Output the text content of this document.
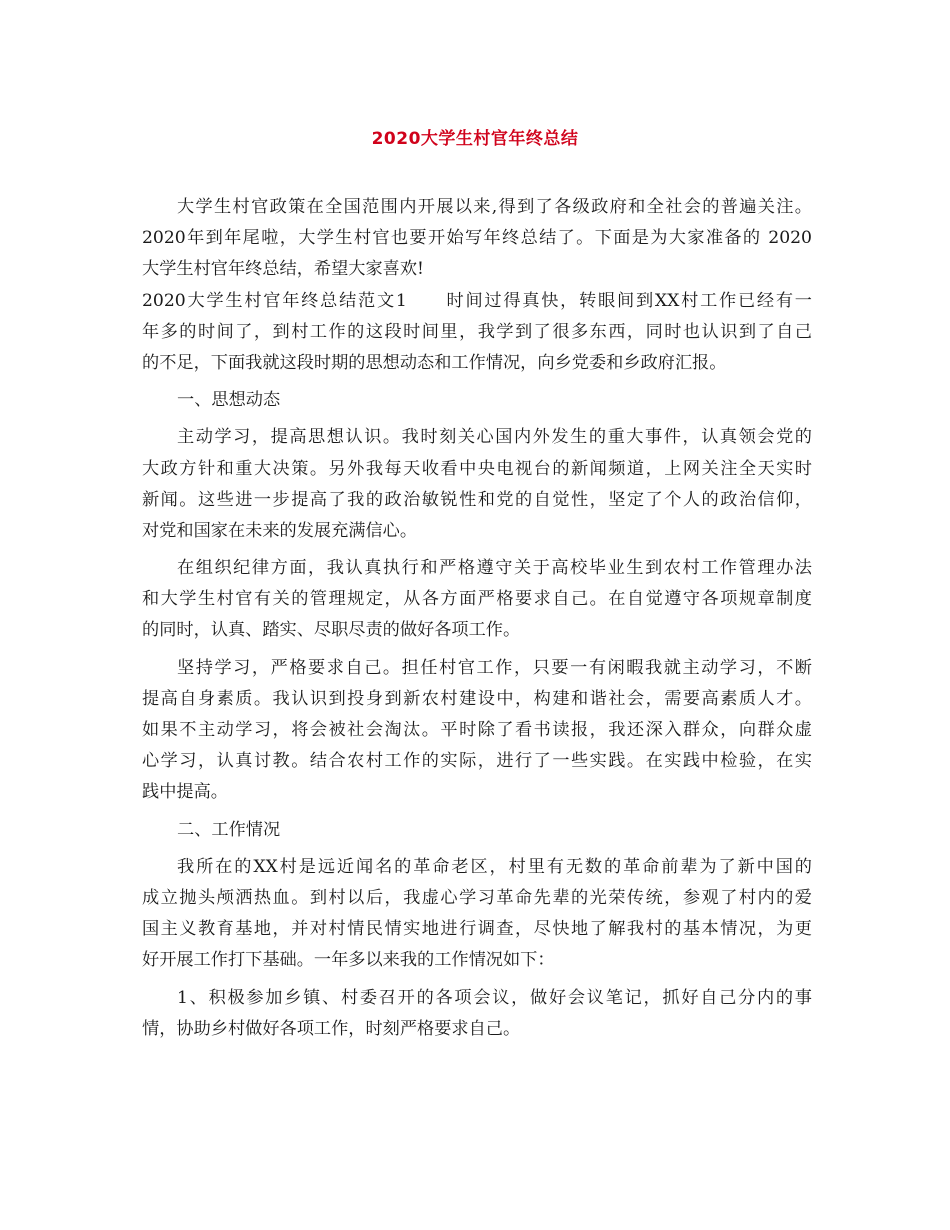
2020大学生村官年终总结
大学生村官政策在全国范围内开展以来,得到了各级政府和全社会的普遍关注。
2020年到年尾啦，大学生村官也要开始写年终总结了。下面是为大家准备的 2020
大学生村官年终总结，希望大家喜欢!
2020大学生村官年终总结范文1　　时间过得真快，转眼间到XX村工作已经有一
年多的时间了，到村工作的这段时间里，我学到了很多东西，同时也认识到了自己
的不足，下面我就这段时期的思想动态和工作情况，向乡党委和乡政府汇报。
一、思想动态
主动学习，提高思想认识。我时刻关心国内外发生的重大事件，认真领会党的
大政方针和重大决策。另外我每天收看中央电视台的新闻频道，上网关注全天实时
新闻。这些进一步提高了我的政治敏锐性和党的自觉性，坚定了个人的政治信仰，
对党和国家在未来的发展充满信心。
在组织纪律方面，我认真执行和严格遵守关于高校毕业生到农村工作管理办法
和大学生村官有关的管理规定，从各方面严格要求自己。在自觉遵守各项规章制度
的同时，认真、踏实、尽职尽责的做好各项工作。
坚持学习，严格要求自己。担任村官工作，只要一有闲暇我就主动学习，不断
提高自身素质。我认识到投身到新农村建设中，构建和谐社会，需要高素质人才。
如果不主动学习，将会被社会淘汰。平时除了看书读报，我还深入群众，向群众虚
心学习，认真讨教。结合农村工作的实际，进行了一些实践。在实践中检验，在实
践中提高。
二、工作情况
我所在的XX村是远近闻名的革命老区，村里有无数的革命前辈为了新中国的
成立抛头颅洒热血。到村以后，我虚心学习革命先辈的光荣传统，参观了村内的爱
国主义教育基地，并对村情民情实地进行调查，尽快地了解我村的基本情况，为更
好开展工作打下基础。一年多以来我的工作情况如下：
1、积极参加乡镇、村委召开的各项会议，做好会议笔记，抓好自己分内的事
情，协助乡村做好各项工作，时刻严格要求自己。
